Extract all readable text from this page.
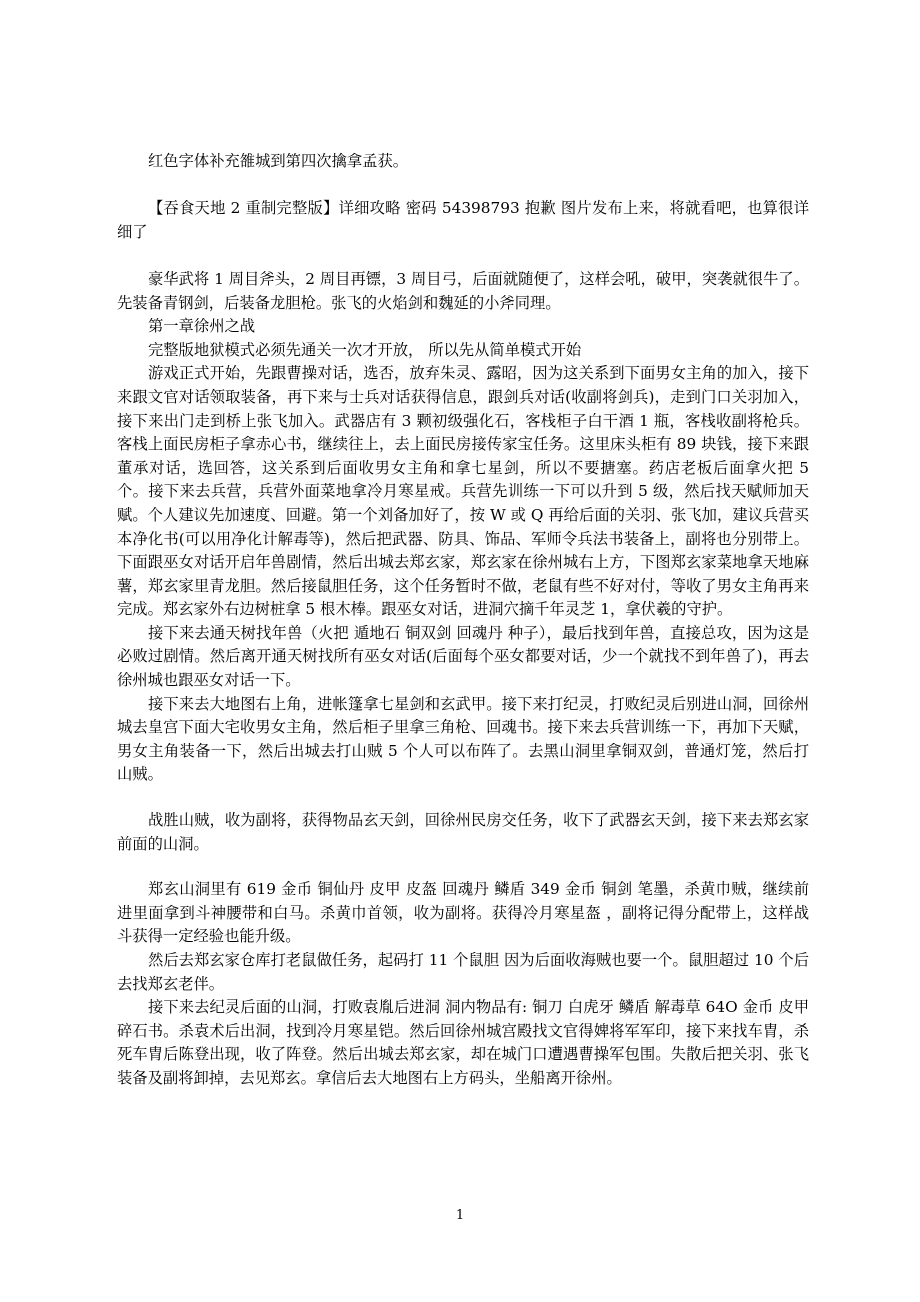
红色字体补充雒城到第四次擒拿孟获。

【吞食天地 2 重制完整版】详细攻略 密码 54398793 抱歉 图片发布上来，将就看吧，也算很详细了

豪华武将 1 周目斧头，2 周目再镖，3 周目弓，后面就随便了，这样会吼，破甲，突袭就很牛了。先装备青钢剑，后装备龙胆枪。张飞的火焰剑和魏延的小斧同理。

第一章徐州之战

完整版地狱模式必须先通关一次才开放， 所以先从简单模式开始

游戏正式开始，先跟曹操对话，选否，放弃朱灵、露昭，因为这关系到下面男女主角的加入，接下来跟文官对话领取装备，再下来与士兵对话获得信息，跟剑兵对话(收副将剑兵)，走到门口关羽加入，接下来出门走到桥上张飞加入。武器店有 3 颗初级强化石，客栈柜子白干酒 1 瓶，客栈收副将枪兵。客栈上面民房柜子拿赤心书，继续往上，去上面民房接传家宝任务。这里床头柜有 89 块钱，接下来跟董承对话，选回答，这关系到后面收男女主角和拿七星剑，所以不要搪塞。药店老板后面拿火把 5 个。接下来去兵营，兵营外面菜地拿冷月寒星戒。兵营先训练一下可以升到 5 级，然后找天赋师加天赋。个人建议先加速度、回避。第一个刘备加好了，按 W 或 Q 再给后面的关羽、张飞加，建议兵营买本净化书(可以用净化计解毒等)，然后把武器、防具、饰品、军师令兵法书装备上，副将也分别带上。下面跟巫女对话开启年兽剧情，然后出城去郑玄家，郑玄家在徐州城右上方，下图郑玄家菜地拿天地麻薯，郑玄家里青龙胆。然后接鼠胆任务，这个任务暂时不做，老鼠有些不好对付，等收了男女主角再来完成。郑玄家外右边树桩拿 5 根木棒。跟巫女对话，进洞穴摘千年灵芝 1，拿伏羲的守护。

接下来去通天树找年兽（火把 遁地石 铜双剑 回魂丹 种子），最后找到年兽，直接总攻，因为这是必败过剧情。然后离开通天树找所有巫女对话(后面每个巫女都要对话，少一个就找不到年兽了)，再去徐州城也跟巫女对话一下。

接下来去大地图右上角，进帐篷拿七星剑和玄武甲。接下来打纪灵，打败纪灵后别进山洞，回徐州城去皇宫下面大宅收男女主角，然后柜子里拿三角枪、回魂书。接下来去兵营训练一下，再加下天赋，男女主角装备一下，然后出城去打山贼 5 个人可以布阵了。去黑山洞里拿铜双剑，普通灯笼，然后打山贼。

战胜山贼，收为副将，获得物品玄天剑，回徐州民房交任务，收下了武器玄天剑，接下来去郑玄家前面的山洞。

郑玄山洞里有 619 金币 铜仙丹 皮甲 皮盔 回魂丹 鳞盾 349 金币 铜剑 笔墨，杀黄巾贼，继续前进里面拿到斗神腰带和白马。杀黄巾首领，收为副将。获得冷月寒星盔 ，副将记得分配带上，这样战斗获得一定经验也能升级。

然后去郑玄家仓库打老鼠做任务，起码打 11 个鼠胆 因为后面收海贼也要一个。鼠胆超过 10 个后去找郑玄老伴。

接下来去纪灵后面的山洞，打败袁胤后进洞 洞内物品有: 铜刀 白虎牙 鳞盾 解毒草 64O 金币 皮甲 碎石书。杀袁术后出洞，找到冷月寒星铠。然后回徐州城宫殿找文官得婢将军军印，接下来找车胄，杀死车胄后陈登出现，收了阵登。然后出城去郑玄家，却在城门口遭遇曹操军包围。失散后把关羽、张飞装备及副将卸掉，去见郑玄。拿信后去大地图右上方码头，坐船离开徐州。

1
